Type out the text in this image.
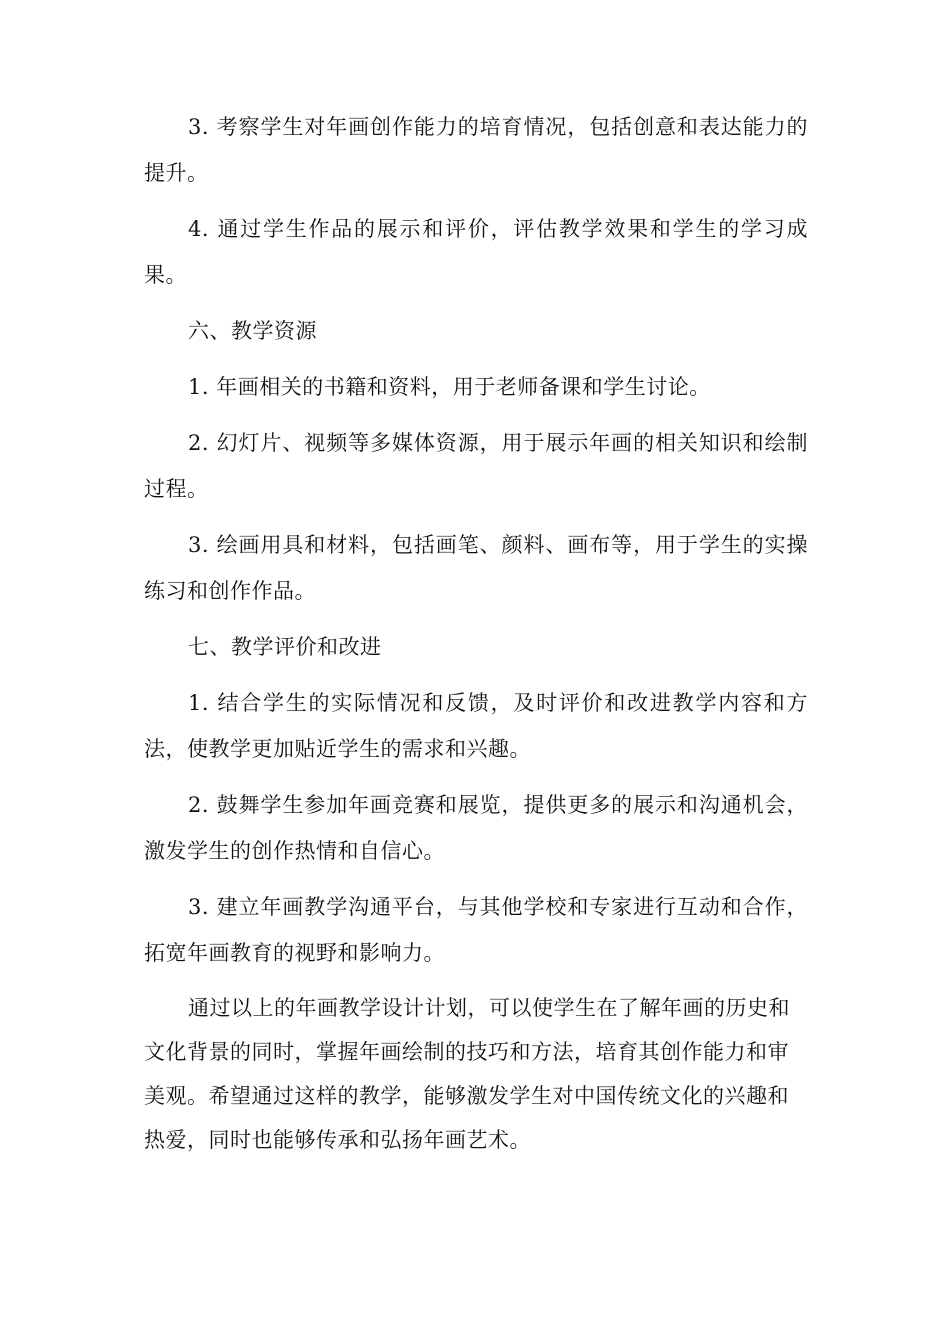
3. 考察学生对年画创作能力的培育情况，包括创意和表达能力的提升。

4. 通过学生作品的展示和评价，评估教学效果和学生的学习成果。

六、教学资源

1. 年画相关的书籍和资料，用于老师备课和学生讨论。

2. 幻灯片、视频等多媒体资源，用于展示年画的相关知识和绘制过程。

3. 绘画用具和材料，包括画笔、颜料、画布等，用于学生的实操练习和创作作品。

七、教学评价和改进

1. 结合学生的实际情况和反馈，及时评价和改进教学内容和方法，使教学更加贴近学生的需求和兴趣。

2. 鼓舞学生参加年画竞赛和展览，提供更多的展示和沟通机会，激发学生的创作热情和自信心。

3. 建立年画教学沟通平台，与其他学校和专家进行互动和合作，拓宽年画教育的视野和影响力。

通过以上的年画教学设计计划，可以使学生在了解年画的历史和文化背景的同时，掌握年画绘制的技巧和方法，培育其创作能力和审美观。希望通过这样的教学，能够激发学生对中国传统文化的兴趣和热爱，同时也能够传承和弘扬年画艺术。
